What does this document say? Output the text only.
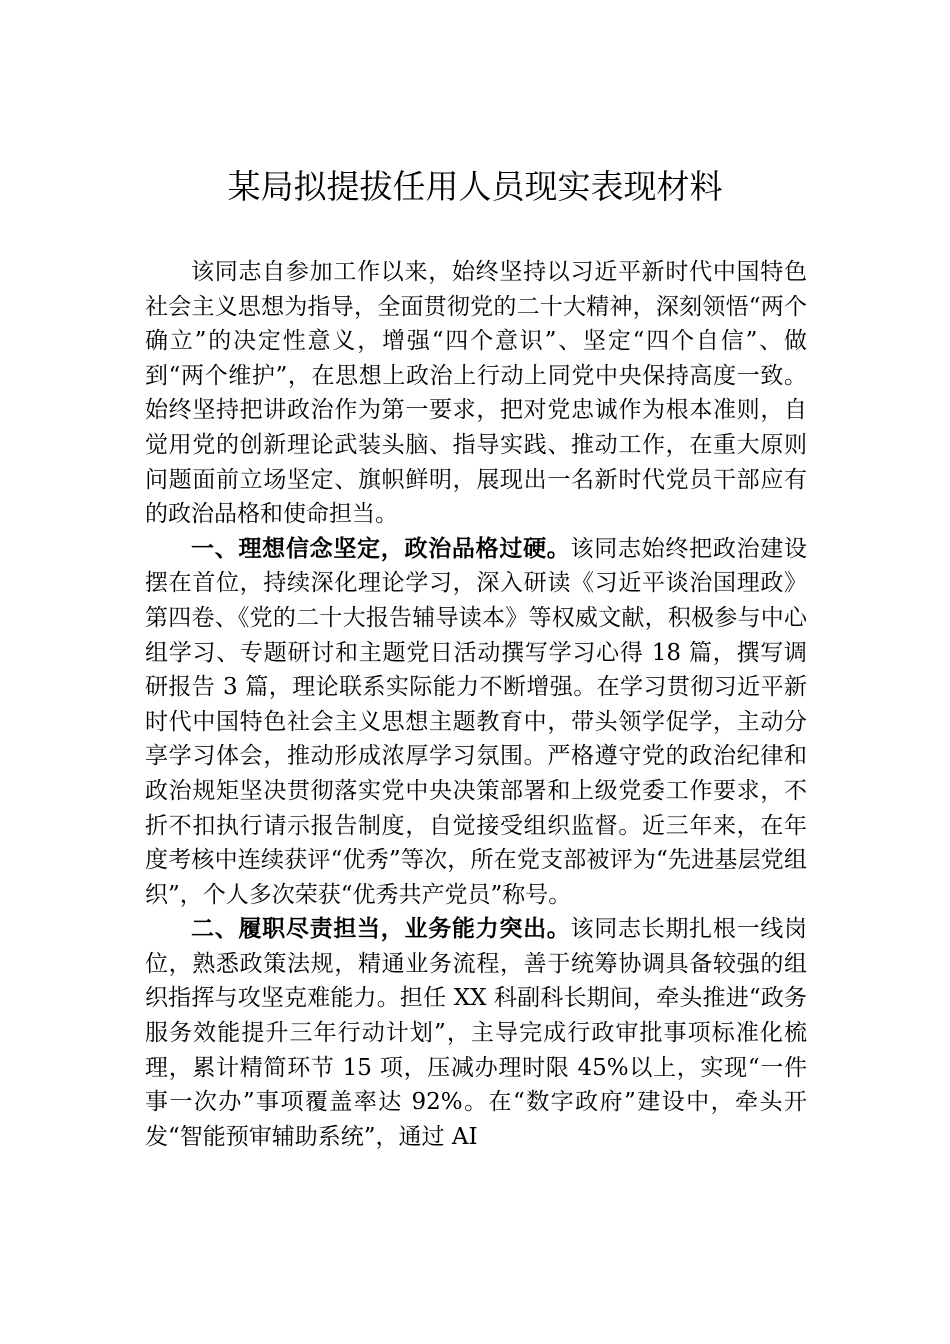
某局拟提拔任用人员现实表现材料

该同志自参加工作以来，始终坚持以习近平新时代中国特色社会主义思想为指导，全面贯彻党的二十大精神，深刻领悟“两个确立”的决定性意义，增强“四个意识”、坚定“四个自信”、做到“两个维护”，在思想上政治上行动上同党中央保持高度一致。始终坚持把讲政治作为第一要求，把对党忠诚作为根本准则，自觉用党的创新理论武装头脑、指导实践、推动工作，在重大原则问题面前立场坚定、旗帜鲜明，展现出一名新时代党员干部应有的政治品格和使命担当。

一、理想信念坚定，政治品格过硬。该同志始终把政治建设摆在首位，持续深化理论学习，深入研读《习近平谈治国理政》第四卷、《党的二十大报告辅导读本》等权威文献，积极参与中心组学习、专题研讨和主题党日活动撰写学习心得 18 篇，撰写调研报告 3 篇，理论联系实际能力不断增强。在学习贯彻习近平新时代中国特色社会主义思想主题教育中，带头领学促学，主动分享学习体会，推动形成浓厚学习氛围。严格遵守党的政治纪律和政治规矩坚决贯彻落实党中央决策部署和上级党委工作要求，不折不扣执行请示报告制度，自觉接受组织监督。近三年来，在年度考核中连续获评“优秀”等次，所在党支部被评为“先进基层党组织”，个人多次荣获“优秀共产党员”称号。

二、履职尽责担当，业务能力突出。该同志长期扎根一线岗位，熟悉政策法规，精通业务流程，善于统筹协调具备较强的组织指挥与攻坚克难能力。担任 XX 科副科长期间，牵头推进“政务服务效能提升三年行动计划”，主导完成行政审批事项标准化梳理，累计精简环节 15 项，压减办理时限 45%以上，实现“一件事一次办”事项覆盖率达 92%。在“数字政府”建设中，牵头开发“智能预审辅助系统”，通过 AI
